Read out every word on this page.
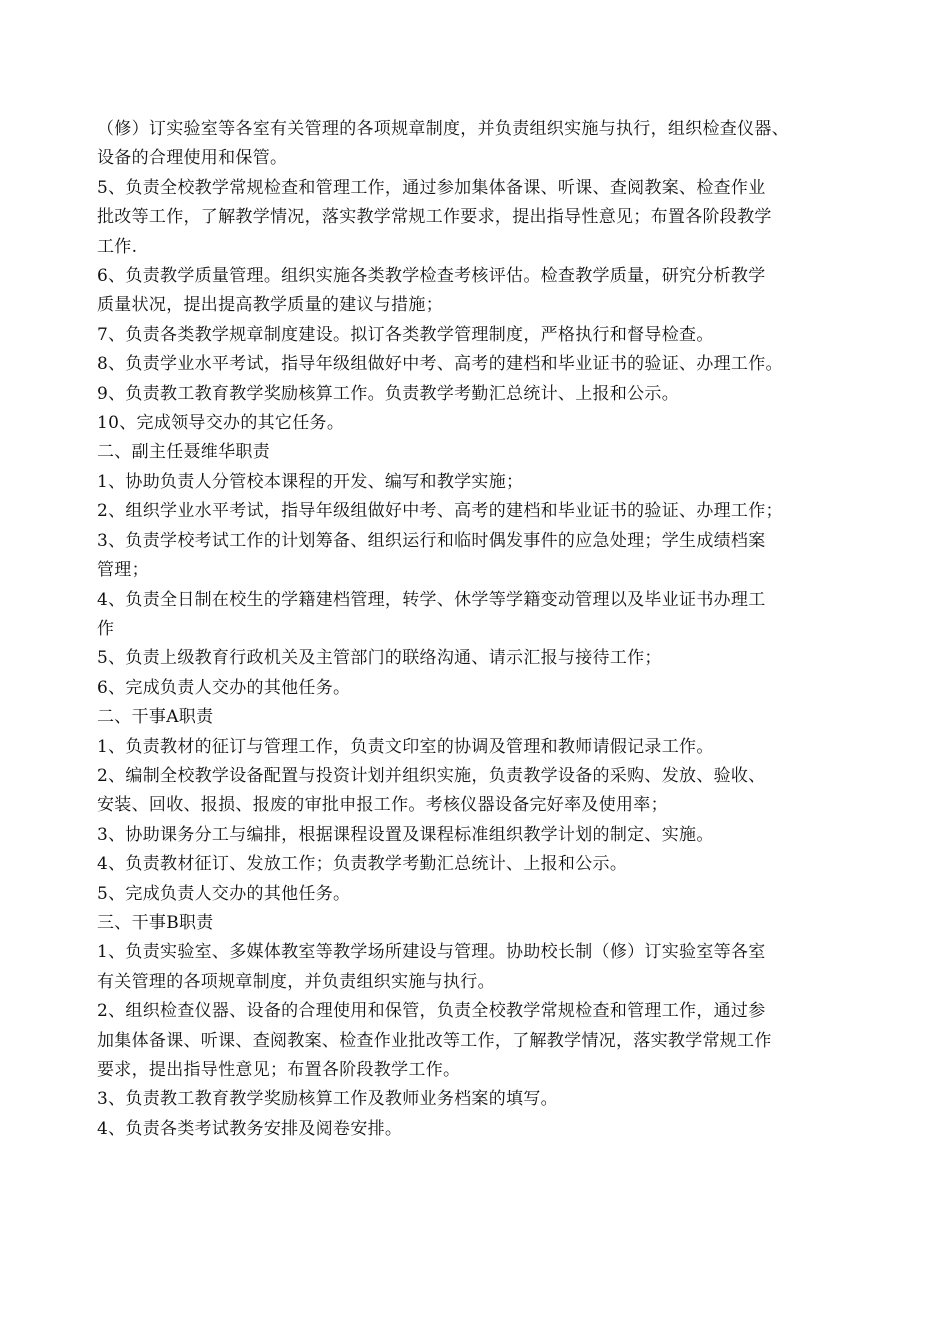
（修）订实验室等各室有关管理的各项规章制度，并负责组织实施与执行，组织检查仪器、
设备的合理使用和保管。
5、负责全校教学常规检查和管理工作，通过参加集体备课、听课、查阅教案、检查作业
批改等工作，了解教学情况，落实教学常规工作要求，提出指导性意见；布置各阶段教学
工作.
6、负责教学质量管理。组织实施各类教学检查考核评估。检查教学质量，研究分析教学
质量状况，提出提高教学质量的建议与措施；
7、负责各类教学规章制度建设。拟订各类教学管理制度，严格执行和督导检查。
8、负责学业水平考试，指导年级组做好中考、高考的建档和毕业证书的验证、办理工作。
9、负责教工教育教学奖励核算工作。负责教学考勤汇总统计、上报和公示。
10、完成领导交办的其它任务。
二、副主任聂维华职责
1、协助负责人分管校本课程的开发、编写和教学实施；
2、组织学业水平考试，指导年级组做好中考、高考的建档和毕业证书的验证、办理工作；
3、负责学校考试工作的计划筹备、组织运行和临时偶发事件的应急处理；学生成绩档案
管理；
4、负责全日制在校生的学籍建档管理，转学、休学等学籍变动管理以及毕业证书办理工
作
5、负责上级教育行政机关及主管部门的联络沟通、请示汇报与接待工作；
6、完成负责人交办的其他任务。
二、干事A职责
1、负责教材的征订与管理工作，负责文印室的协调及管理和教师请假记录工作。
2、编制全校教学设备配置与投资计划并组织实施，负责教学设备的采购、发放、验收、
安装、回收、报损、报废的审批申报工作。考核仪器设备完好率及使用率；
3、协助课务分工与编排，根据课程设置及课程标准组织教学计划的制定、实施。
4、负责教材征订、发放工作；负责教学考勤汇总统计、上报和公示。
5、完成负责人交办的其他任务。
三、干事B职责
1、负责实验室、多媒体教室等教学场所建设与管理。协助校长制（修）订实验室等各室
有关管理的各项规章制度，并负责组织实施与执行。
2、组织检查仪器、设备的合理使用和保管，负责全校教学常规检查和管理工作，通过参
加集体备课、听课、查阅教案、检查作业批改等工作，了解教学情况，落实教学常规工作
要求，提出指导性意见；布置各阶段教学工作。
3、负责教工教育教学奖励核算工作及教师业务档案的填写。
4、负责各类考试教务安排及阅卷安排。
